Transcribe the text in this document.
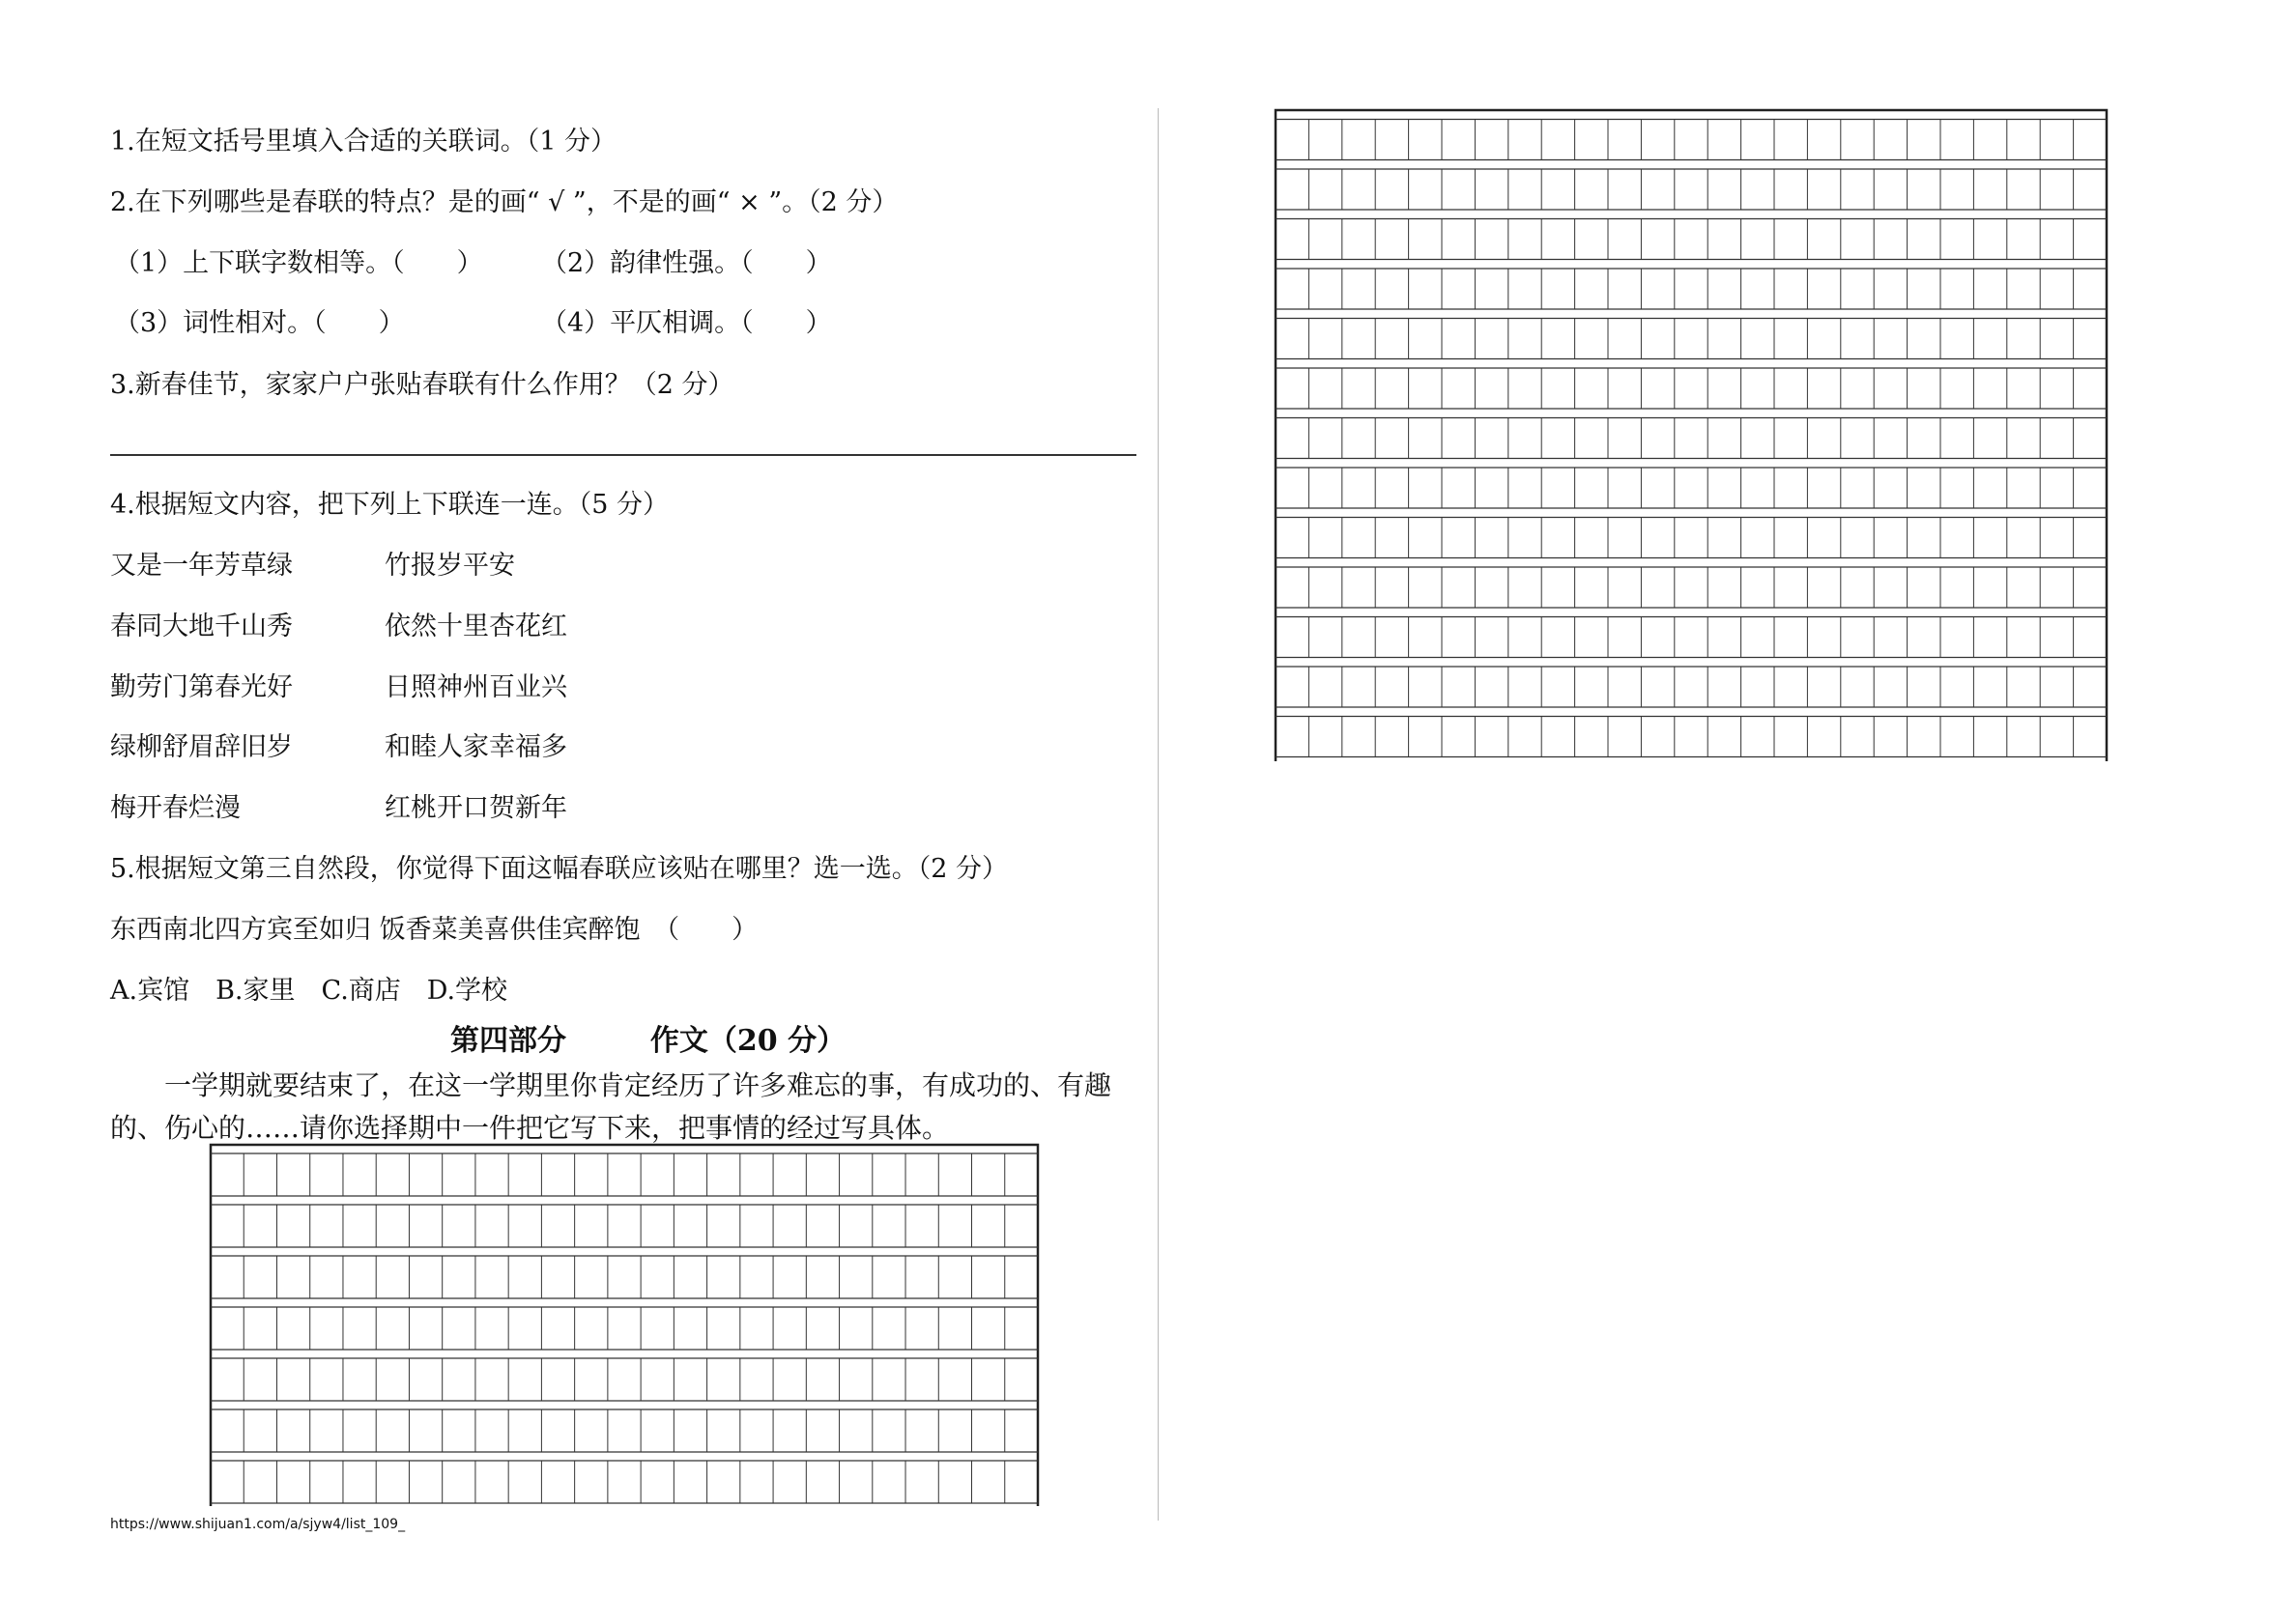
1.在短文括号里填入合适的关联词。（1 分）
2.在下列哪些是春联的特点？是的画“ √ ”，不是的画“ × ”。（2 分）
（1）上下联字数相等。（　　） （2）韵律性强。（　　）
（3）词性相对。（　　）	（4）平仄相调。（　　）
3.新春佳节，家家户户张贴春联有什么作用？（2 分）
4.根据短文内容，把下列上下联连一连。（5 分）
又是一年芳草绿	竹报岁平安
春同大地千山秀	依然十里杏花红
勤劳门第春光好	日照神州百业兴
绿柳舒眉辞旧岁	和睦人家幸福多
梅开春烂漫	红桃开口贺新年
5.根据短文第三自然段，你觉得下面这幅春联应该贴在哪里？选一选。（2 分）
东西南北四方宾至如归 饭香菜美喜供佳宾醉饱　（　　）
A.宾馆　B.家里　C.商店　D.学校
第四部分	作文（20 分）
一学期就要结束了，在这一学期里你肯定经历了许多难忘的事，有成功的、有趣的、伤心的……请你选择期中一件把它写下来，把事情的经过写具体。
https://www.shijuan1.com/a/sjyw4/list_109_
